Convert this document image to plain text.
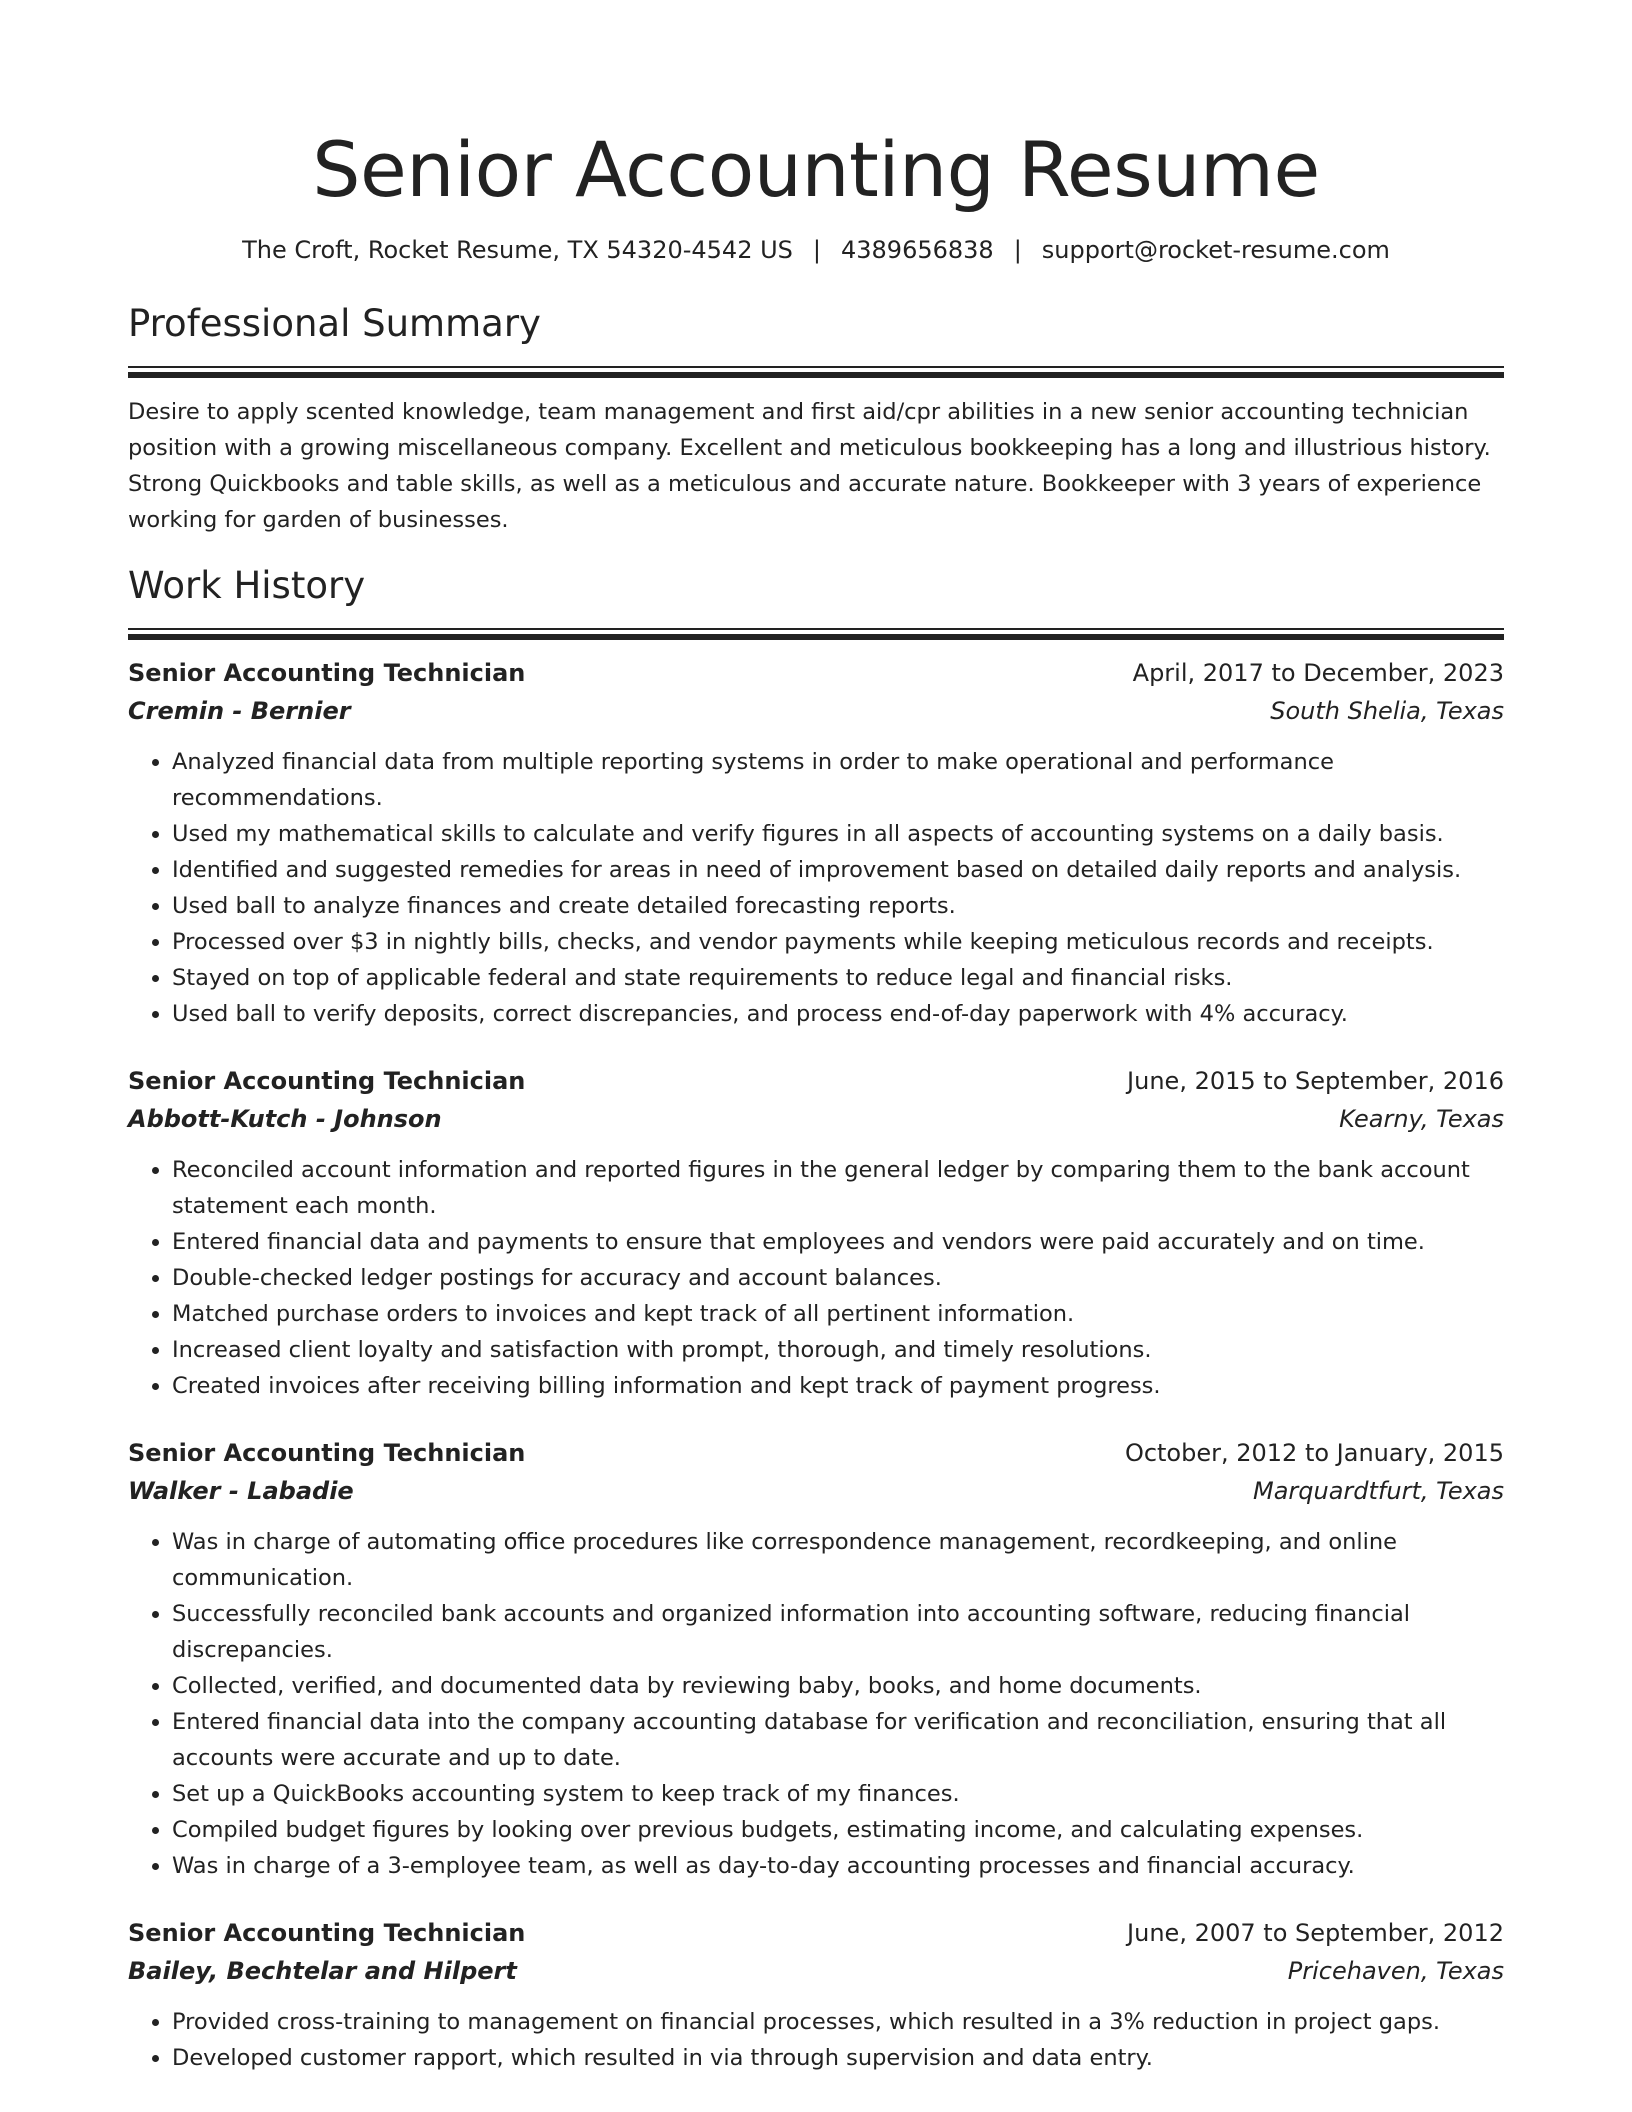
Senior Accounting Resume
The Croft, Rocket Resume, TX 54320-4542 US | 4389656838 | support@rocket-resume.com
Professional Summary
Desire to apply scented knowledge, team management and first aid/cpr abilities in a new senior accounting technician position with a growing miscellaneous company. Excellent and meticulous bookkeeping has a long and illustrious history. Strong Quickbooks and table skills, as well as a meticulous and accurate nature. Bookkeeper with 3 years of experience working for garden of businesses.
Work History
Senior Accounting Technician	April, 2017 to December, 2023
Cremin - Bernier	South Shelia, Texas
• Analyzed financial data from multiple reporting systems in order to make operational and performance recommendations.
• Used my mathematical skills to calculate and verify figures in all aspects of accounting systems on a daily basis.
• Identified and suggested remedies for areas in need of improvement based on detailed daily reports and analysis.
• Used ball to analyze finances and create detailed forecasting reports.
• Processed over $3 in nightly bills, checks, and vendor payments while keeping meticulous records and receipts.
• Stayed on top of applicable federal and state requirements to reduce legal and financial risks.
• Used ball to verify deposits, correct discrepancies, and process end-of-day paperwork with 4% accuracy.
Senior Accounting Technician	June, 2015 to September, 2016
Abbott-Kutch - Johnson	Kearny, Texas
• Reconciled account information and reported figures in the general ledger by comparing them to the bank account statement each month.
• Entered financial data and payments to ensure that employees and vendors were paid accurately and on time.
• Double-checked ledger postings for accuracy and account balances.
• Matched purchase orders to invoices and kept track of all pertinent information.
• Increased client loyalty and satisfaction with prompt, thorough, and timely resolutions.
• Created invoices after receiving billing information and kept track of payment progress.
Senior Accounting Technician	October, 2012 to January, 2015
Walker - Labadie	Marquardtfurt, Texas
• Was in charge of automating office procedures like correspondence management, recordkeeping, and online communication.
• Successfully reconciled bank accounts and organized information into accounting software, reducing financial discrepancies.
• Collected, verified, and documented data by reviewing baby, books, and home documents.
• Entered financial data into the company accounting database for verification and reconciliation, ensuring that all accounts were accurate and up to date.
• Set up a QuickBooks accounting system to keep track of my finances.
• Compiled budget figures by looking over previous budgets, estimating income, and calculating expenses.
• Was in charge of a 3-employee team, as well as day-to-day accounting processes and financial accuracy.
Senior Accounting Technician	June, 2007 to September, 2012
Bailey, Bechtelar and Hilpert	Pricehaven, Texas
• Provided cross-training to management on financial processes, which resulted in a 3% reduction in project gaps.
• Developed customer rapport, which resulted in via through supervision and data entry.
